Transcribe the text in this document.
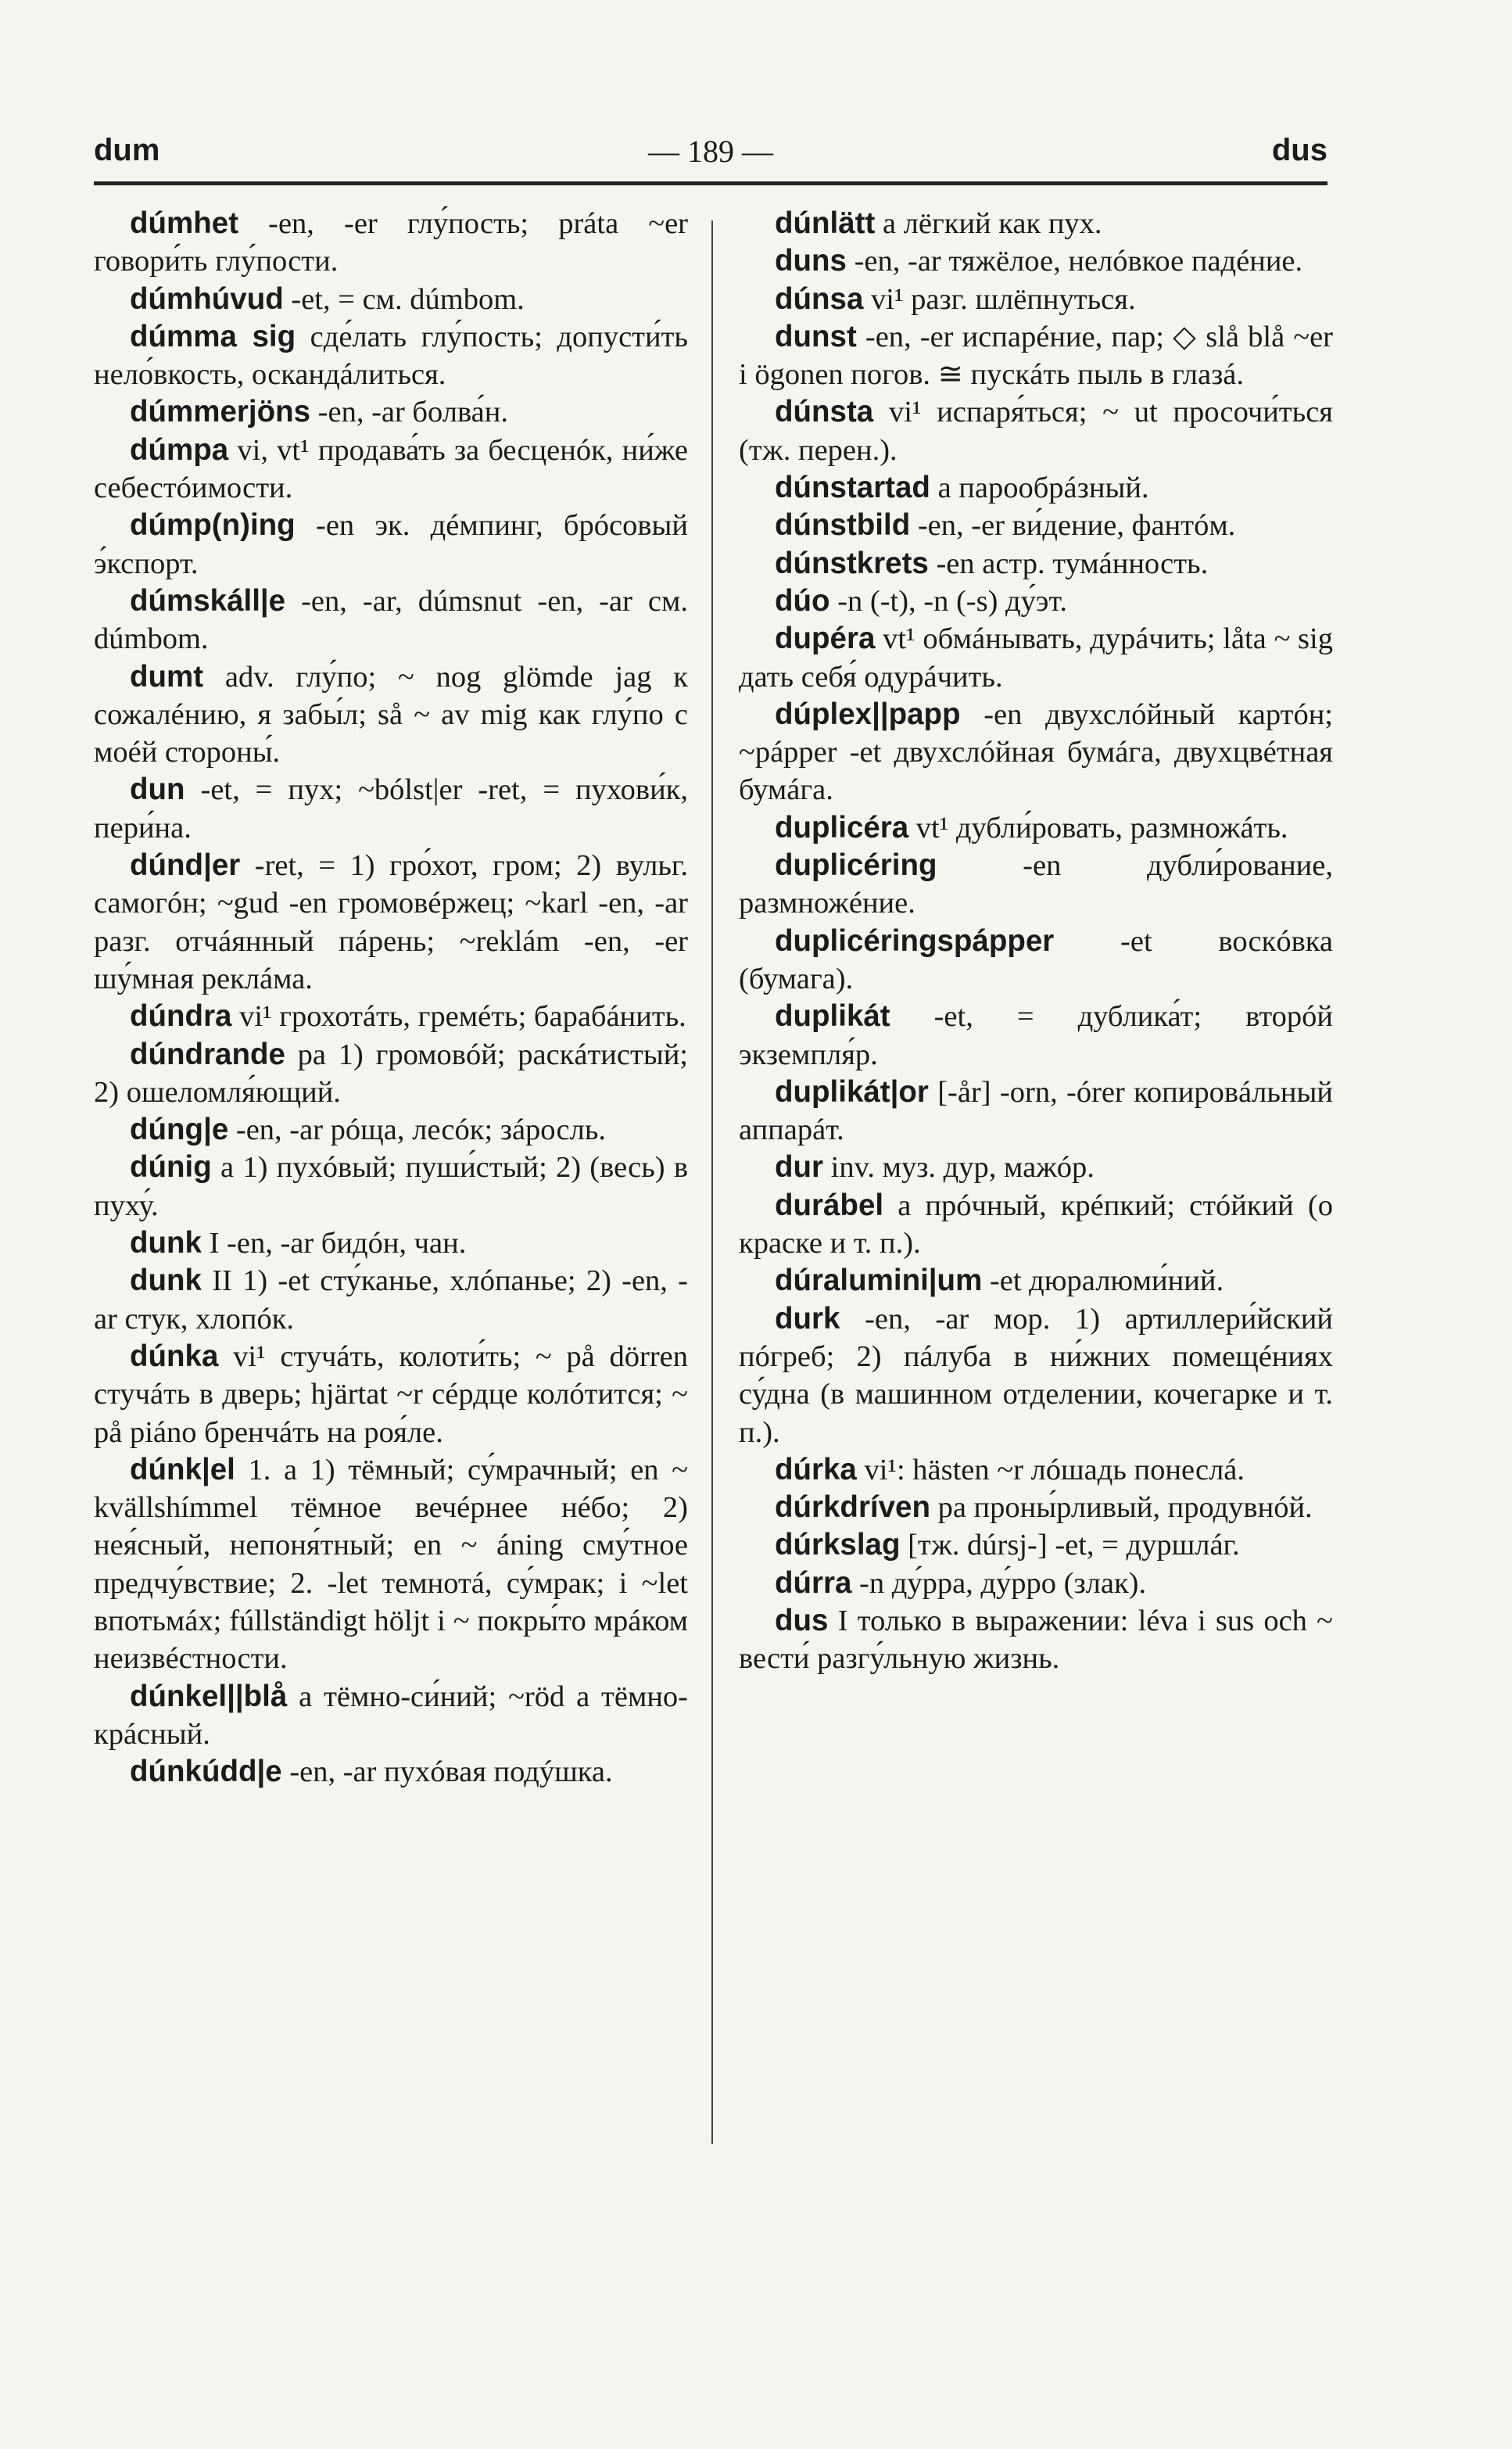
dum	— 189 —	dus

dúmhet -en, -er глу́пость; práta ~er говори́ть глу́пости.

dúmhúvud -et, = см. dúmbom.

dúmma sig сде́лать глу́пость; допусти́ть нело́вкость, оскандáлиться.

dúmmerjöns -en, -ar болва́н.

dúmpa vi, vt¹ продава́ть за бесценóк, ни́же себестóимости.

dúmp(n)ing -en эк. дéмпинг, брóсовый э́кспорт.

dúmskáll|e -en, -ar, dúmsnut -en, -ar см. dúmbom.

dumt adv. глу́по; ~ nog glömde jag к сожалéнию, я забы́л; så ~ av mig как глу́по с моéй стороны́.

dun -et, = пух; ~bólst|er -ret, = пухови́к, пери́на.

dúnd|er -ret, = 1) гро́хот, гром; 2) вульг. самогóн; ~gud -en громовéржец; ~karl -en, -ar разг. отчáянный пáрень; ~reklám -en, -er шу́мная реклáма.

dúndra vi¹ грохотáть, гремéть; барабáнить.

dúndrande pa 1) громовóй; раскáтистый; 2) ошеломля́ющий.

dúng|e -en, -ar рóща, лесóк; зáросль.

dúnig a 1) пухóвый; пуши́стый; 2) (весь) в пуху́.

dunk I -en, -ar бидóн, чан.

dunk II 1) -et сту́канье, хлóпанье; 2) -en, -ar стук, хлопóк.

dúnka vi¹ стучáть, колоти́ть; ~ på dörren стучáть в дверь; hjärtat ~r сéрдце колóтится; ~ på piáno бренчáть на роя́ле.

dúnk|el 1. a 1) тёмный; су́мрачный; en ~ kvällshímmel тёмное вечéрнее нéбо; 2) нея́сный, непоня́тный; en ~ áning сму́тное предчу́вствие; 2. -let темнотá, су́мрак; i ~let впотьмáх; fúllständigt höljt i ~ покры́то мрáком неизвéстности.

dúnkel||blå a тёмно-си́ний; ~röd a тёмно-крáсный.

dúnkúdd|e -en, -ar пухóвая подýшка.

dúnlätt a лёгкий как пух.

duns -en, -ar тяжёлое, нелóвкое падéние.

dúnsa vi¹ разг. шлёпнуться.

dunst -en, -er испарéние, пар; ◇ slå blå ~er i ögonen погов. ≅ пускáть пыль в глазá.

dúnsta vi¹ испаря́ться; ~ ut просочи́ться (тж. перен.).

dúnstartad a парообрáзный.

dúnstbild -en, -er ви́дение, фантóм.

dúnstkrets -en астр. тумáнность.

dúo -n (-t), -n (-s) ду́эт.

dupéra vt¹ обмáнывать, дурáчить; låta ~ sig дать себя́ одурáчить.

dúplex||papp -en двухслóйный картóн; ~pápper -et двухслóйная бумáга, двухцвéтная бумáга.

duplicéra vt¹ дубли́ровать, размножáть.

duplicéring -en дубли́рование, размножéние.

duplicéringspápper -et воскóвка (бумага).

duplikát -et, = дублика́т; вторóй экземпля́р.

duplikát|or [-år] -orn, -órer копировáльный аппарáт.

dur inv. муз. дур, мажóр.

durábel a прóчный, крéпкий; стóйкий (о краске и т. п.).

dúralumini|um -et дюралюми́ний.

durk -en, -ar мор. 1) артиллери́йский пóгреб; 2) пáлуба в ни́жних помещéниях су́дна (в машинном отделении, кочегарке и т. п.).

dúrka vi¹: hästen ~r лóшадь понеслá.

dúrkdríven pa проны́рливый, продувнóй.

dúrkslag [тж. dúrsj-] -et, = дуршлáг.

dúrra -n ду́рра, ду́рро (злак).

dus I только в выражении: léva i sus och ~ вести́ разгу́льную жизнь.
